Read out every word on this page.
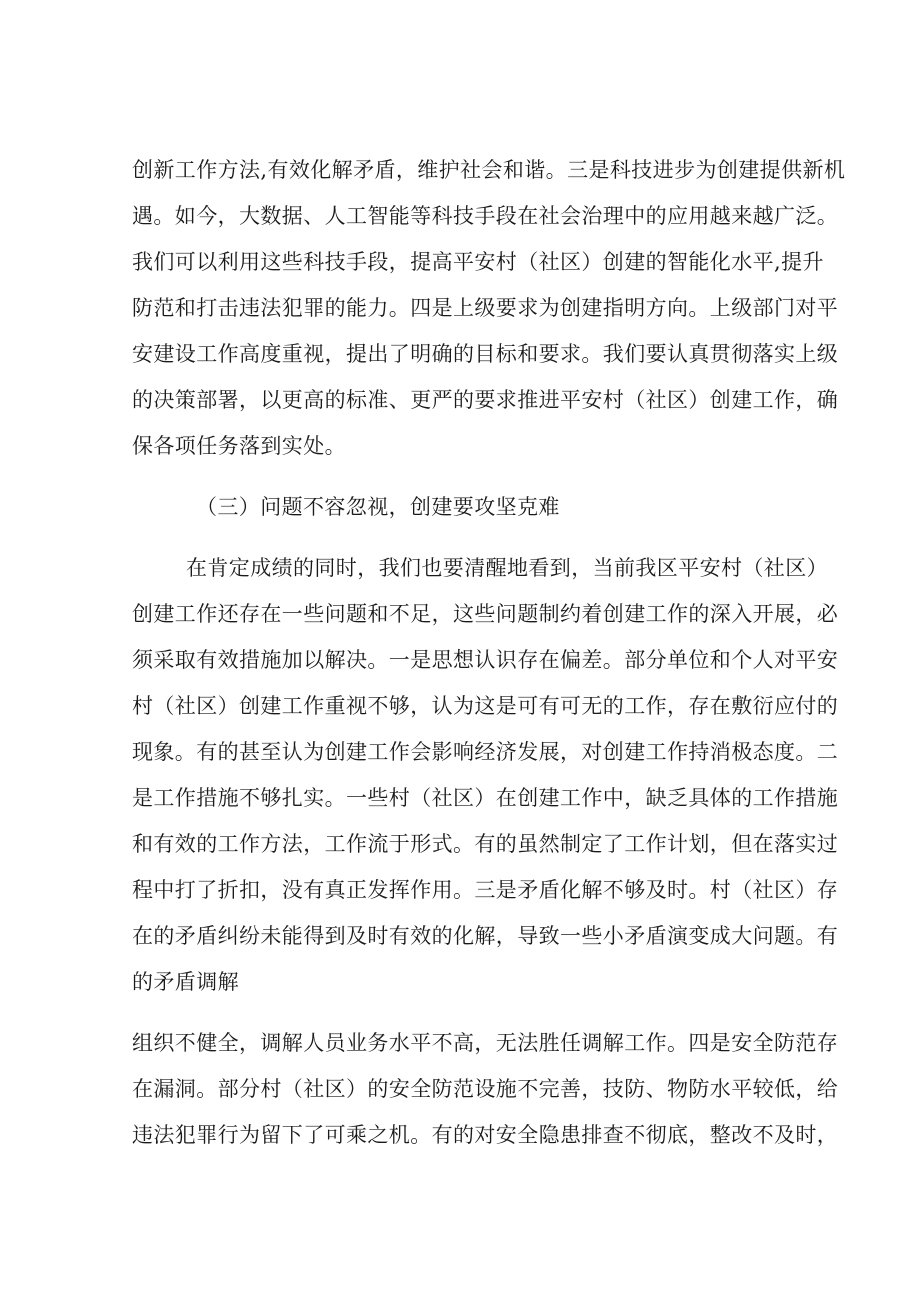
创新工作方法,有效化解矛盾，维护社会和谐。三是科技进步为创建提供新机
遇。如今，大数据、人工智能等科技手段在社会治理中的应用越来越广泛。
我们可以利用这些科技手段，提高平安村（社区）创建的智能化水平,提升
防范和打击违法犯罪的能力。四是上级要求为创建指明方向。上级部门对平
安建设工作高度重视，提出了明确的目标和要求。我们要认真贯彻落实上级
的决策部署，以更高的标准、更严的要求推进平安村（社区）创建工作，确
保各项任务落到实处。
（三）问题不容忽视，创建要攻坚克难
在肯定成绩的同时，我们也要清醒地看到，当前我区平安村（社区）
创建工作还存在一些问题和不足，这些问题制约着创建工作的深入开展，必
须采取有效措施加以解决。一是思想认识存在偏差。部分单位和个人对平安
村（社区）创建工作重视不够，认为这是可有可无的工作，存在敷衍应付的
现象。有的甚至认为创建工作会影响经济发展，对创建工作持消极态度。二
是工作措施不够扎实。一些村（社区）在创建工作中，缺乏具体的工作措施
和有效的工作方法，工作流于形式。有的虽然制定了工作计划，但在落实过
程中打了折扣，没有真正发挥作用。三是矛盾化解不够及时。村（社区）存
在的矛盾纠纷未能得到及时有效的化解，导致一些小矛盾演变成大问题。有
的矛盾调解
组织不健全，调解人员业务水平不高，无法胜任调解工作。四是安全防范存
在漏洞。部分村（社区）的安全防范设施不完善，技防、物防水平较低，给
违法犯罪行为留下了可乘之机。有的对安全隐患排查不彻底，整改不及时，
